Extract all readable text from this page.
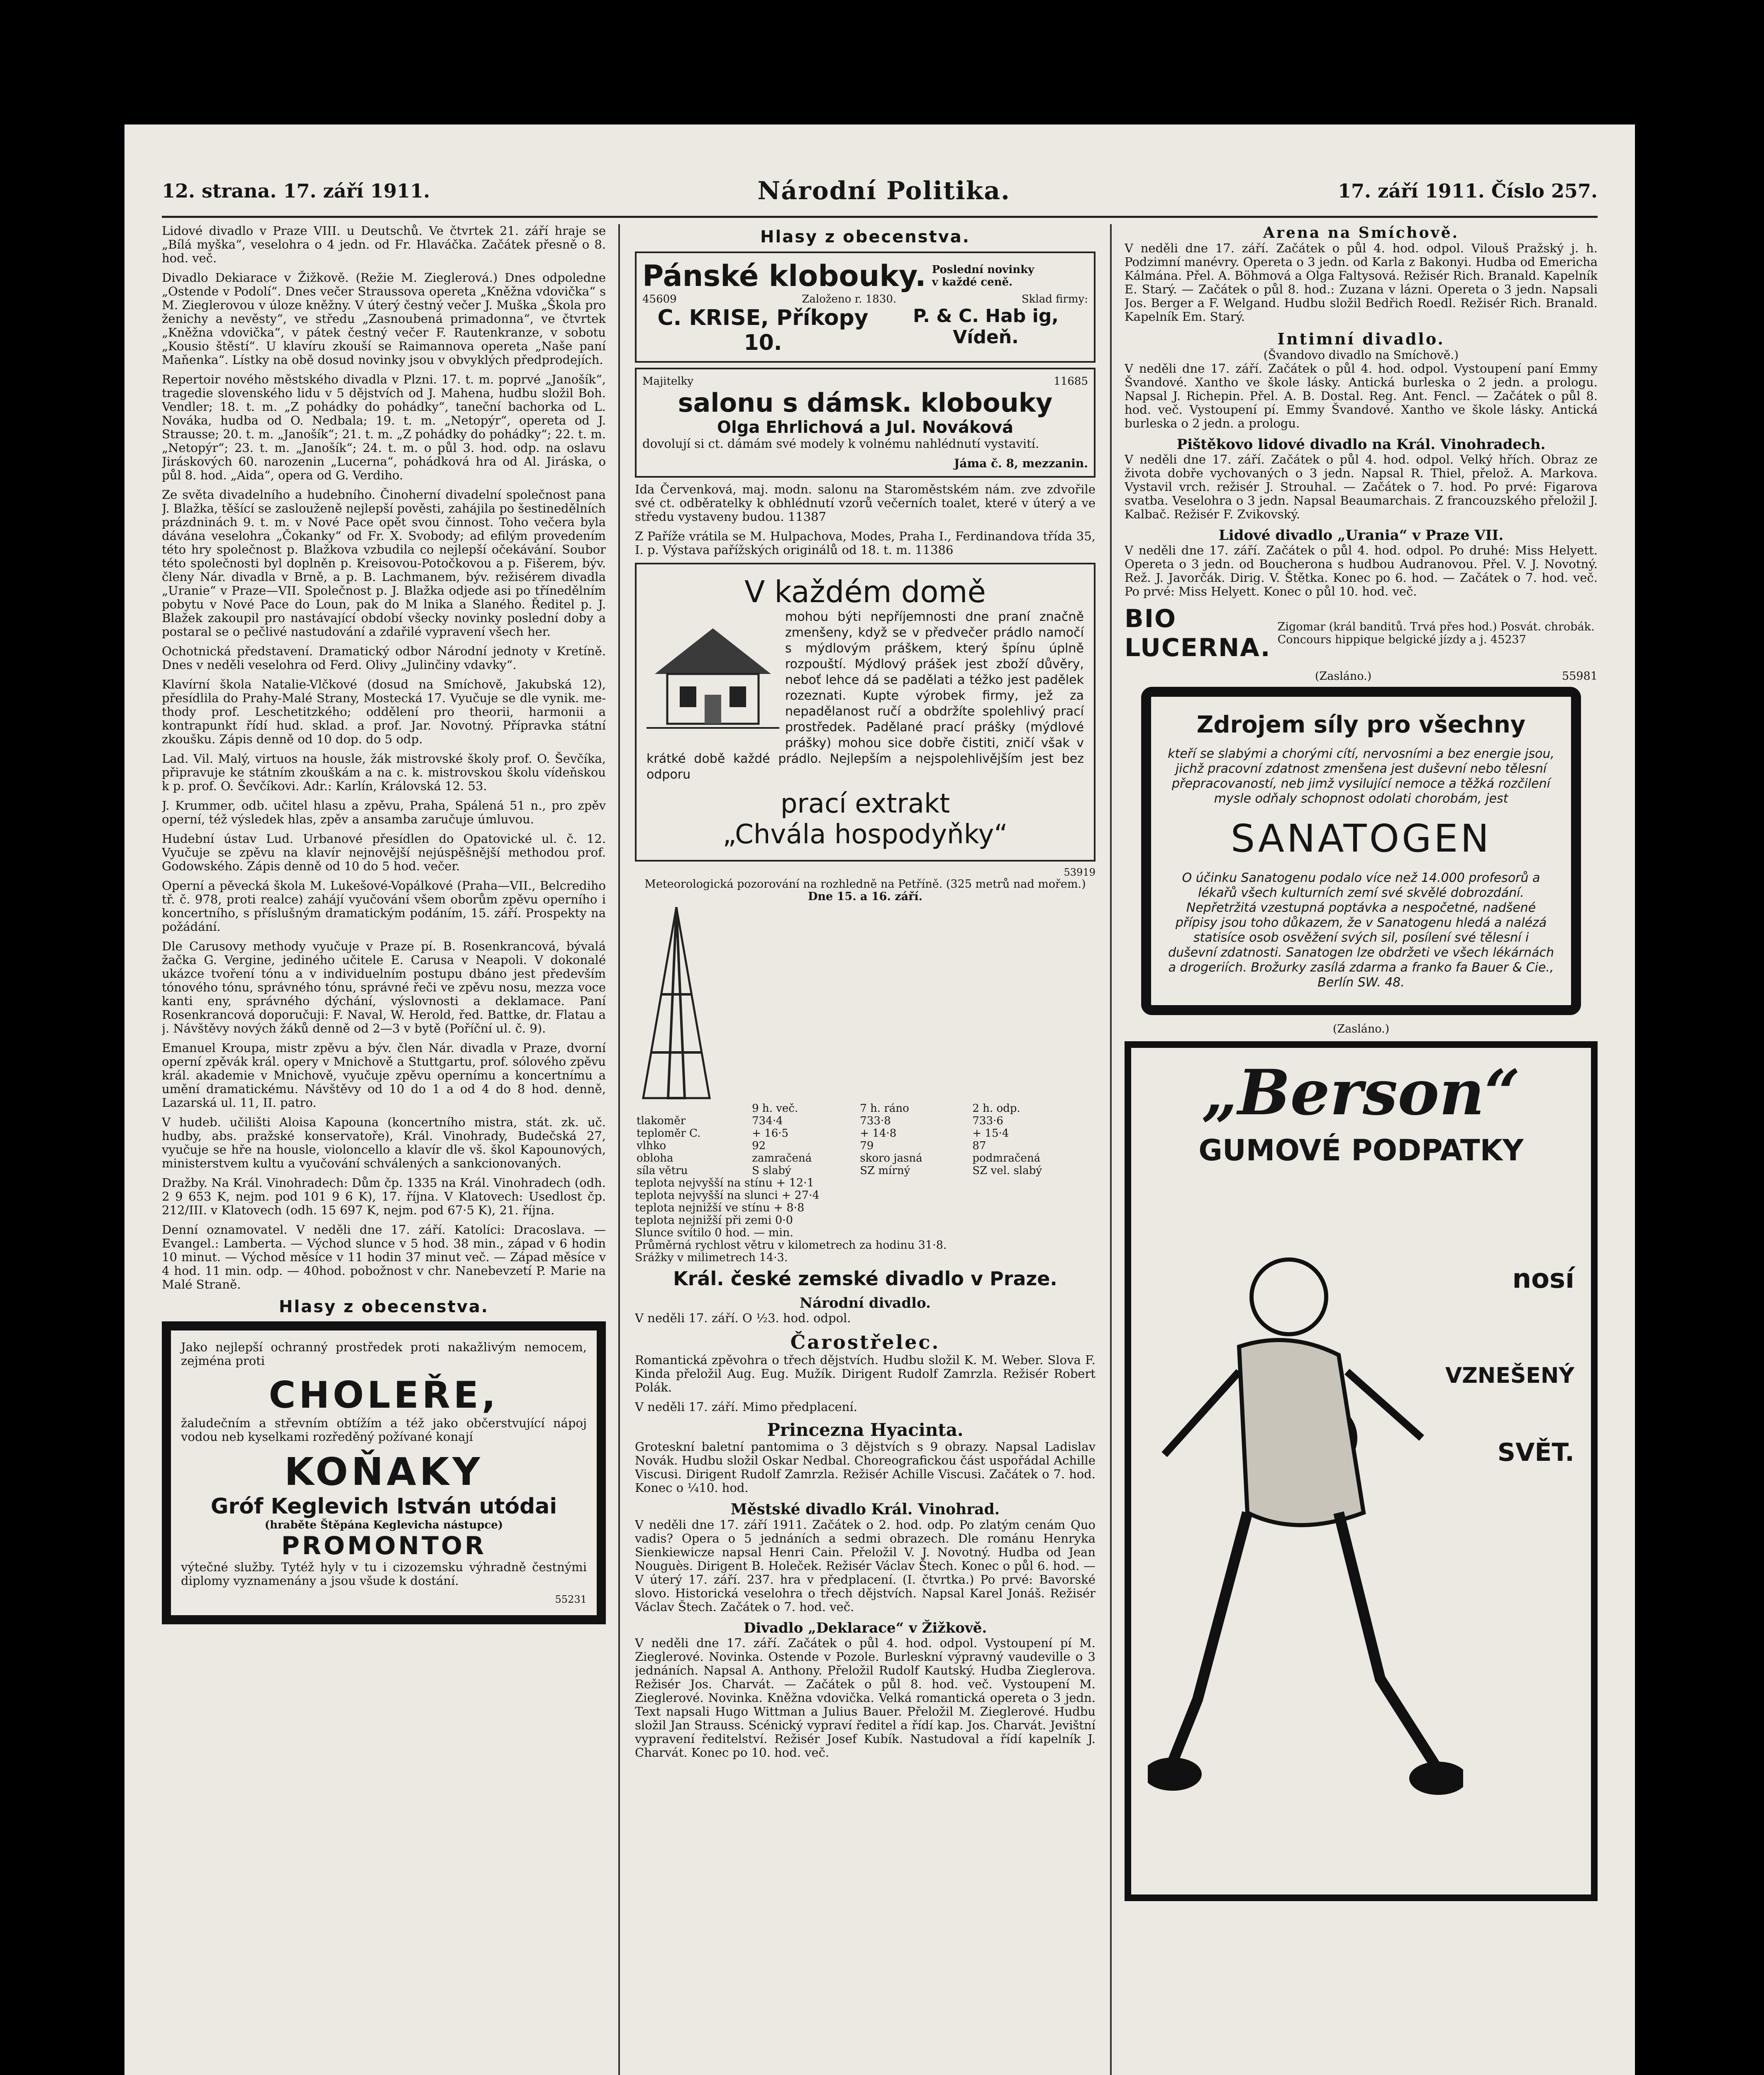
12. strana. 17. září 1911.	Národní Politika.	17. září 1911. Číslo 257.

Lidové divadlo v Praze VIII. u Deutschů. Ve čtvrtek 21. září hraje se „Bílá myška“, veselohra o 4 jedn. od Fr. Hlaváčka. Začátek přesně o 8. hod. več.

Divadlo Dekiarace v Žižkově. (Režie M. Zieglerová.) Dnes odpoledne „Ostende v Podolí“. Dnes večer Straussova opereta „Kněžna vdovička“ s M. Zieglerovou v úloze kněžny. V úterý čestný večer J. Muška „Škola pro ženichy a nevěsty“, ve středu „Zasnoubená primadonna“, ve čtvrtek „Kněžna vdovička“, v pátek čestný večer F. Rautenkranze, v sobotu „Kousio štěstí“. U klavíru zkouší se Raimannova opereta „Naše paní Maňenka“. Lístky na obě dosud novinky jsou v obvyklých předprodejích.

Repertoir nového městského divadla v Plzni. 17. t. m. poprvé „Janošík“, tragedie slovenského lidu v 5 dějstvích od J. Mahena, hudbu složil Boh. Vendler; 18. t. m. „Z pohádky do pohádky“, taneční bachorka od L. Nováka, hudba od O. Nedbala; 19. t. m. „Netopýr“, opereta od J. Strausse; 20. t. m. „Janošík“; 21. t. m. „Z pohádky do pohádky“; 22. t. m. „Netopýr“; 23. t. m. „Janošík“; 24. t. m. o půl 3. hod. odp. na oslavu Jiráskových 60. narozenin „Lucerna“, pohádková hra od Al. Jiráska, o půl 8. hod. „Aida“, opera od G. Verdiho.

Ze světa divadelního a hudebního. Činoherní divadelní společnost pana J. Blažka, těšící se zaslouženě nejlepší pověsti, zahájila po šestinedělních prázdninách 9. t. m. v Nové Pace opět svou činnost. Toho večera byla dávána veselohra „Čokanky“ od Fr. X. Svobody; ad efilým provedením této hry společnost p. Blažkova vzbudila co nejlepší očekávání. Soubor této společnosti byl doplněn p. Kreisovou-Potočkovou a p. Fišerem, býv. členy Nár. divadla v Brně, a p. B. Lachmanem, býv. režisérem divadla „Uranie“ v Praze—VII. Společnost p. J. Blažka odjede asi po třínedělním pobytu v Nové Pace do Loun, pak do M lnika a Slaného. Ředitel p. J. Blažek zakoupil pro nastávající období všecky novinky poslední doby a postaral se o pečlivé nastudování a zdařilé vypravení všech her.

Ochotnická představení. Dramatický odbor Národní jednoty v Kretíně. Dnes v neděli veselohra od Ferd. Olivy „Julinčiny vdavky“.

Klavírní škola Natalie-Vlčkové (dosud na Smíchově, Jakubská 12), přesídlila do Prahy-Malé Strany, Mostecká 17. Vyučuje se dle vynik. methody prof. Leschetitzkého; oddělení pro theorii, harmonii a kontrapunkt řídí hud. sklad. a prof. Jar. Novotný. Přípravka státní zkoušku. Zápis denně od 10 dop. do 5 odp.

Lad. Vil. Malý, virtuos na housle, žák mistrovské školy prof. O. Ševčíka, připravuje ke státním zkouškám a na c. k. mistrovskou školu vídeňskou k p. prof. O. Ševčíkovi. Adr.: Karlín, Královská 12. 53.

J. Krummer, odb. učitel hlasu a zpěvu, Praha, Spálená 51 n., pro zpěv operní, též výsledek hlas, zpěv a ansamba zaručuje úmluvou.

Hudební ústav Lud. Urbanové přesídlen do Opatovické ul. č. 12. Vyučuje se zpěvu na klavír nejnovější nejúspěšnější methodou prof. Godowského. Zápis denně od 10 do 5 hod. večer.

Operní a pěvecká škola M. Lukešové-Vopálkové (Praha—VII., Belcrediho tř. č. 978, proti realce) zahájí vyučování všem oborům zpěvu operního i koncertního, s příslušným dramatickým podáním, 15. září. Prospekty na požádání.

Dle Carusovy methody vyučuje v Praze pí. B. Rosenkrancová, bývalá žačka G. Vergine, jediného učitele E. Carusa v Neapoli. V dokonalé ukázce tvoření tónu a v individuelním postupu dbáno jest především tónového tónu, správného tónu, správné řeči ve zpěvu nosu, mezza voce kanti eny, správného dýchání, výslovnosti a deklamace. Paní Rosenkrancová doporučuji: F. Naval, W. Herold, řed. Battke, dr. Flatau a j. Návštěvy nových žáků denně od 2—3 v bytě (Poříční ul. č. 9).

Emanuel Kroupa, mistr zpěvu a býv. člen Nár. divadla v Praze, dvorní operní zpěvák král. opery v Mnichově a Stuttgartu, prof. sólového zpěvu král. akademie v Mnichově, vyučuje zpěvu opernímu a koncertnímu a umění dramatickému. Návštěvy od 10 do 1 a od 4 do 8 hod. denně, Lazarská ul. 11, II. patro.

V hudeb. učilišti Aloisa Kapouna (koncertního mistra, stát. zk. uč. hudby, abs. pražské konservatoře), Král. Vinohrady, Budečská 27, vyučuje se hře na housle, violoncello a klavír dle vš. škol Kapounových, ministerstvem kultu a vyučování schválených a sankcionovaných.

Dražby. Na Král. Vinohradech: Dům čp. 1335 na Král. Vinohradech (odh. 2 9 653 K, nejm. pod 101 9 6 K), 17. října. V Klatovech: Usedlost čp. 212/III. v Klatovech (odh. 15 697 K, nejm. pod 67·5 K), 21. října.

Denní oznamovatel. V neděli dne 17. září. Katolíci: Dracoslava. — Evangel.: Lambertа. — Východ slunce v 5 hod. 38 min., západ v 6 hodin 10 minut. — Východ měsíce v 11 hodin 37 minut več. — Západ měsíce v 4 hod. 11 min. odp. — 40hod. pobožnost v chr. Nanebevzetí P. Marie na Malé Straně.

Hlasy z obecenstva.

Jako nejlepší ochranný prostředek proti nakažlivým nemocem, zejména proti

CHOLEŘE,

žaludečním a střevním obtížím a též jako občerstvující nápoj vodou neb kyselkami rozředěný požívané konají

KOŇAKY
Gróf Keglevich István utódai
(hraběte Štěpána Keglevicha nástupce)
PROMONTOR

výtečné služby. Tytéž hyly v tu i cizozemsku výhradně čestnými diplomy vyznamenány a jsou všude k dostání.

55231
Hlasy z obecenstva.
Pánské klobouky. Poslední novinky v každé ceně.
45609	Založeno r. 1830.	Sklad firmy:
C. KRISE, Příkopy 10.
P. & C. Hab ig, Vídeň.
Majitelky	11685
salonu s dámsk. klobouky
Olga Ehrlichová a Jul. Nováková

dovolují si ct. dámám své modely k volnému nahlédnutí vystavití.

Jámа č. 8, mezzanin.

Ida Červenková, maj. modn. salonu na Staroměstském nám. zve zdvořile své ct. odběratelky k obhlédnutí vzorů večerních toalet, které v úterý a ve středu vystaveny budou. 11387

Z Paříže vrátila se M. Hulpachova, Modes, Praha I., Ferdinandova třída 35, I. p. Výstava pařížských originálů od 18. t. m. 11386

V každém domě

mohou býti nepříjemnosti dne praní značně zmenšeny, když se v předvečer prádlo namočí s mýdlovým práškem, který špínu úplně rozpouští. Mýdlový prášek jest zboží důvěry, neboť lehce dá se padělati a téžko jest padělek rozeznati. Kupte výrobek firmy, jež za nepadělanost ručí a obdržíte spolehlivý prací prostředek. Padělané prací prášky (mýdlové prášky) mohou sice dobře čistiti, zničí však v krátké době každé prádlo. Nejlepším a nejspolehlivějším jest bez odporu

prací extrakt
„Chvála hospodyňky“
53919
Meteorologická pozorování na rozhledně na Petříně. (325 metrů nad mořem.)
Dne 15. a 16. září.
	9 h. več.	7 h. ráno	2 h. odp.
tlakoměr	734·4	733·8	733·6
teploměr C.	+ 16·5	+ 14·8	+ 15·4
vlhko	92	79	87
obloha	zamračená	skoro jasná	podmračená
síla větru	S slabý	SZ mírný	SZ vel. slabý
teplota nejvyšší na stínu + 12·1
teplota nejvyšší na slunci + 27·4
teplota nejnižší ve stínu + 8·8
teplota nejnižší při zemi 0·0
Slunce svítilo 0 hod. — min.
Průměrná rychlost větru v kilometrech za hodinu 31·8.
Srážky v milimetrech 14·3.
Král. české zemské divadlo v Praze.
Národní divadlo.

V neděli 17. září. O ½3. hod. odpol.

Čarostřelec.

Romantická zpěvohra o třech dějstvích. Hudbu složil K. M. Weber. Slova F. Kinda přeložil Aug. Eug. Mužík. Dirigent Rudolf Zamrzla. Režisér Robert Polák.

V neděli 17. září. Mimo předplacení.

Princezna Hyacinta.

Groteskní baletní pantomima o 3 dějstvích s 9 obrazy. Napsal Ladislav Novák. Hudbu složil Oskar Nedbal. Choreografickou část uspořádal Achille Viscusi. Dirigent Rudolf Zamrzla. Režisér Achille Viscusi. Začátek o 7. hod. Konec o ¼10. hod.

Městské divadlo Král. Vinohrad.

V neděli dne 17. září 1911. Začátek o 2. hod. odp. Po zlatým cenám Quo vadis? Opera o 5 jednáních a sedmi obrazech. Dle románu Henryka Sienkiewicze napsal Henri Cain. Přeložil V. J. Novotný. Hudba od Jean Nouguès. Dirigent B. Holeček. Režisér Václav Štech. Konec o půl 6. hod. — V úterý 17. září. 237. hra v předplacení. (I. čtvrtka.) Po prvé: Bavorské slovo. Historická veselohra o třech dějstvích. Napsal Karel Jonáš. Režisér Václav Štech. Začátek o 7. hod. več.

Divadlo „Deklarace“ v Žižkově.

V neděli dne 17. září. Začátek o půl 4. hod. odpol. Vystoupení pí M. Zieglerové. Novinka. Ostende v Pozole. Burleskní výpravný vaudeville o 3 jednáních. Napsal A. Anthony. Přeložil Rudolf Kautský. Hudba Zieglerova. Režisér Jos. Charvát. — Začátek o půl 8. hod. več. Vystoupení M. Zieglerové. Novinka. Kněžna vdovička. Velká romantická opereta o 3 jedn. Text napsali Hugo Wittman a Julius Bauer. Přeložil M. Zieglerové. Hudbu složil Jan Strauss. Scénický vypraví ředitel a řídí kap. Jos. Charvát. Jevištní vypravení ředitelství. Režisér Josef Kubík. Nastudoval a řídí kapelník J. Charvát. Konec po 10. hod. več.

Arena na Smíchově.

V neděli dne 17. září. Začátek o půl 4. hod. odpol. Vilouš Pražský j. h. Podzimní manévry. Opereta o 3 jedn. od Karla z Bakonyi. Hudba od Emericha Kálmána. Přel. A. Böhmová a Olga Faltysová. Režisér Rich. Branald. Kapelník E. Starý. — Začátek o půl 8. hod.: Zuzana v lázni. Opereta o 3 jedn. Napsali Jos. Berger a F. Welgand. Hudbu složil Bedřich Roedl. Režisér Rich. Branald. Kapelník Em. Starý.

Intimní divadlo.
(Švandovo divadlo na Smíchově.)

V neděli dne 17. září. Začátek o půl 4. hod. odpol. Vystoupení paní Emmy Švandové. Xantho ve škole lásky. Antická burleska o 2 jedn. a prologu. Napsal J. Richepin. Přel. A. B. Dostal. Reg. Ant. Fencl. — Začátek o půl 8. hod. več. Vystoupení pí. Emmy Švandové. Xantho ve škole lásky. Antická burleska o 2 jedn. a prologu.

Pištěkovo lidové divadlo na Král. Vinohradech.

V neděli dne 17. září. Začátek o půl 4. hod. odpol. Velký hřích. Obraz ze života dobře vychovaných o 3 jedn. Napsal R. Thiel, přelož. A. Markova. Vystavil vrch. režisér J. Strouhal. — Začátek o 7. hod. Po prvé: Figarova svatba. Veselohra o 3 jedn. Napsal Beaumarchais. Z francouzského přeložil J. Kalbač. Režisér F. Zvikovský.

Lidové divadlo „Urania“ v Praze VII.

V neděli dne 17. září. Začátek o půl 4. hod. odpol. Po druhé: Miss Helyett. Opereta o 3 jedn. od Boucherona s hudbou Audranovou. Přel. V. J. Novotný. Rež. J. Javorčák. Dirig. V. Štětka. Konec po 6. hod. — Začátek o 7. hod. več. Po prvé: Miss Helyett. Konec o půl 10. hod. več.

BIO LUCERNA.
Zigomar (král banditů. Trvá přes hod.) Posvát. chrobák. Concours hippique belgické jízdy a j. 45237
(Zasláno.)	55981
Zdrojem síly pro všechny
kteří se slabými a chorými cítí, nervosními a bez energie jsou, jichž pracovní zdatnost zmenšena jest duševní nebo tělesní přepracovaností, neb jimž vysilující nemoce a těžká rozčilení mysle odňaly schopnost odolati chorobám, jest
SANATOGEN
O účinku Sanatogenu podalo více než 14.000 profesorů a lékařů všech kulturních zemí své skvělé dobrozdání. Nepřetržitá vzestupná poptávka a nespočetné, nadšené přípisy jsou toho důkazem, že v Sanatogenu hledá a nalézá statisíce osob osvěžení svých sil, posílení své tělesní i duševní zdatnosti. Sanatogen lze obdržeti ve všech lékárnách a drogeriích. Brožurky zasílá zdarma a franko fa Bauer & Cie., Berlín SW. 48.
(Zasláno.)
„Berson“
GUMOVÉ PODPATKY
nosí
VZNEŠENÝ
SVĚT.
